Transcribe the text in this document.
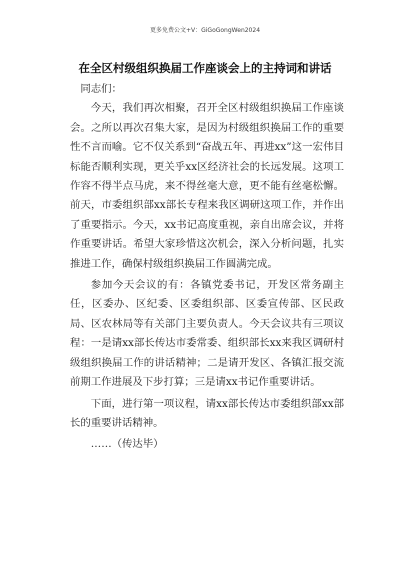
更多免费公文+V：GiGoGongWen2024
在全区村级组织换届工作座谈会上的主持词和讲话

同志们：

今天，我们再次相聚，召开全区村级组织换届工作座谈会。之所以再次召集大家，是因为村级组织换届工作的重要性不言而喻。它不仅关系到“奋战五年、再进xx”这一宏伟目标能否顺利实现，更关乎xx区经济社会的长远发展。这项工作容不得半点马虎，来不得丝毫大意，更不能有丝毫松懈。前天，市委组织部xx部长专程来我区调研这项工作，并作出了重要指示。今天，xx书记高度重视，亲自出席会议，并将作重要讲话。希望大家珍惜这次机会，深入分析问题，扎实推进工作，确保村级组织换届工作圆满完成。

参加今天会议的有：各镇党委书记，开发区常务副主任，区委办、区纪委、区委组织部、区委宣传部、区民政局、区农林局等有关部门主要负责人。今天会议共有三项议程：一是请xx部长传达市委常委、组织部长xx来我区调研村级组织换届工作的讲话精神；二是请开发区、各镇汇报交流前期工作进展及下步打算；三是请xx书记作重要讲话。

下面，进行第一项议程，请xx部长传达市委组织部xx部长的重要讲话精神。

……（传达毕）
